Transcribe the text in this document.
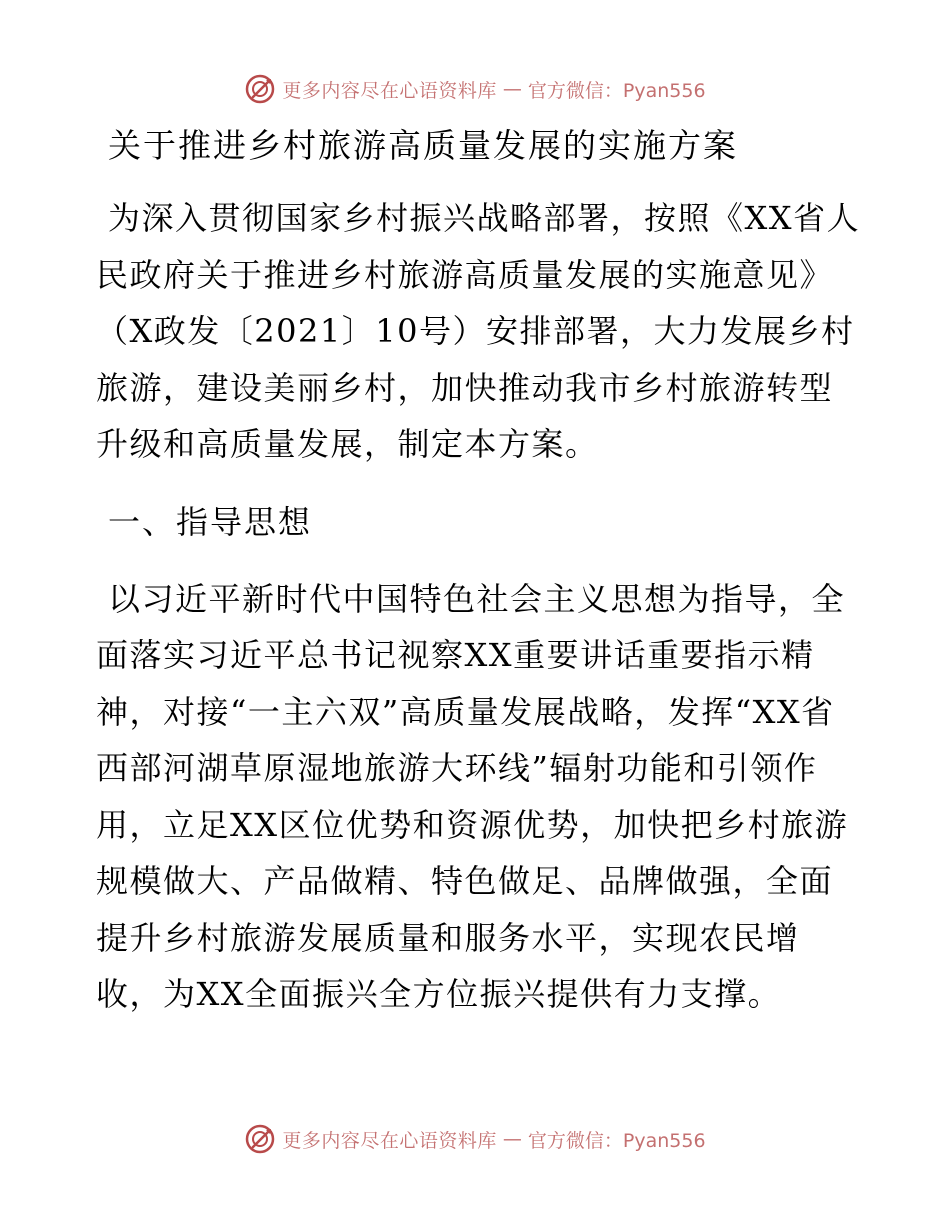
更多内容尽在心语资料库 — 官方微信：Pyan556
关于推进乡村旅游高质量发展的实施方案

为深入贯彻国家乡村振兴战略部署，按照《XX省人民政府关于推进乡村旅游高质量发展的实施意见》（X政发〔2021〕10号）安排部署，大力发展乡村旅游，建设美丽乡村，加快推动我市乡村旅游转型升级和高质量发展，制定本方案。

一、指导思想

以习近平新时代中国特色社会主义思想为指导，全面落实习近平总书记视察XX重要讲话重要指示精神，对接“一主六双”高质量发展战略，发挥“XX省西部河湖草原湿地旅游大环线”辐射功能和引领作用，立足XX区位优势和资源优势，加快把乡村旅游规模做大、产品做精、特色做足、品牌做强，全面提升乡村旅游发展质量和服务水平，实现农民增收，为XX全面振兴全方位振兴提供有力支撑。

更多内容尽在心语资料库 — 官方微信：Pyan556
